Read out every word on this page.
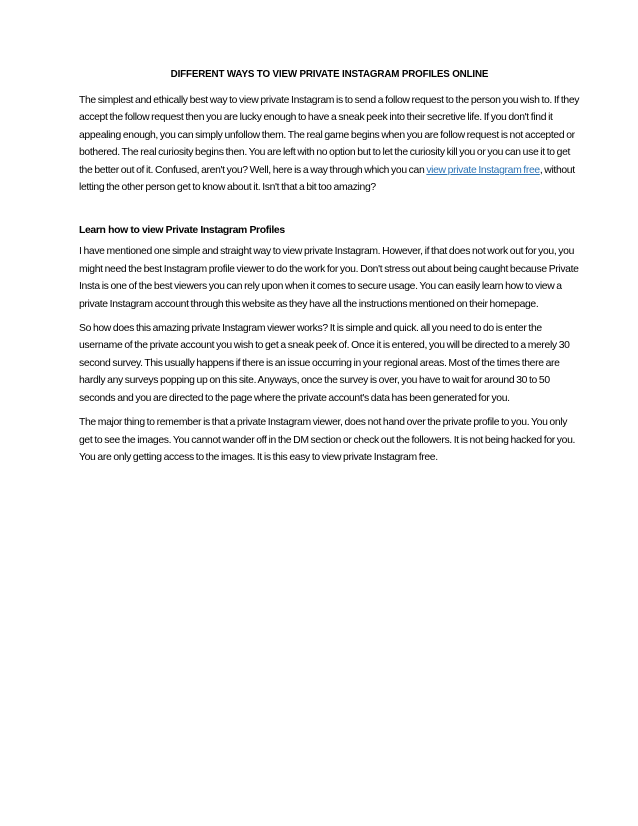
DIFFERENT WAYS TO VIEW PRIVATE INSTAGRAM PROFILES ONLINE

The simplest and ethically best way to view private Instagram is to send a follow request to the person you wish to. If they accept the follow request then you are lucky enough to have a sneak peek into their secretive life. If you don't find it appealing enough, you can simply unfollow them. The real game begins when you are follow request is not accepted or bothered. The real curiosity begins then. You are left with no option but to let the curiosity kill you or you can use it to get the better out of it. Confused, aren't you? Well, here is a way through which you can view private Instagram free, without letting the other person get to know about it. Isn't that a bit too amazing?

Learn how to view Private Instagram Profiles

I have mentioned one simple and straight way to view private Instagram. However, if that does not work out for you, you might need the best Instagram profile viewer to do the work for you. Don't stress out about being caught because Private Insta is one of the best viewers you can rely upon when it comes to secure usage. You can easily learn how to view a private Instagram account through this website as they have all the instructions mentioned on their homepage.

So how does this amazing private Instagram viewer works? It is simple and quick. all you need to do is enter the username of the private account you wish to get a sneak peek of. Once it is entered, you will be directed to a merely 30 second survey. This usually happens if there is an issue occurring in your regional areas. Most of the times there are hardly any surveys popping up on this site. Anyways, once the survey is over, you have to wait for around 30 to 50 seconds and you are directed to the page where the private account's data has been generated for you.

The major thing to remember is that a private Instagram viewer, does not hand over the private profile to you. You only get to see the images. You cannot wander off in the DM section or check out the followers. It is not being hacked for you. You are only getting access to the images. It is this easy to view private Instagram free.
